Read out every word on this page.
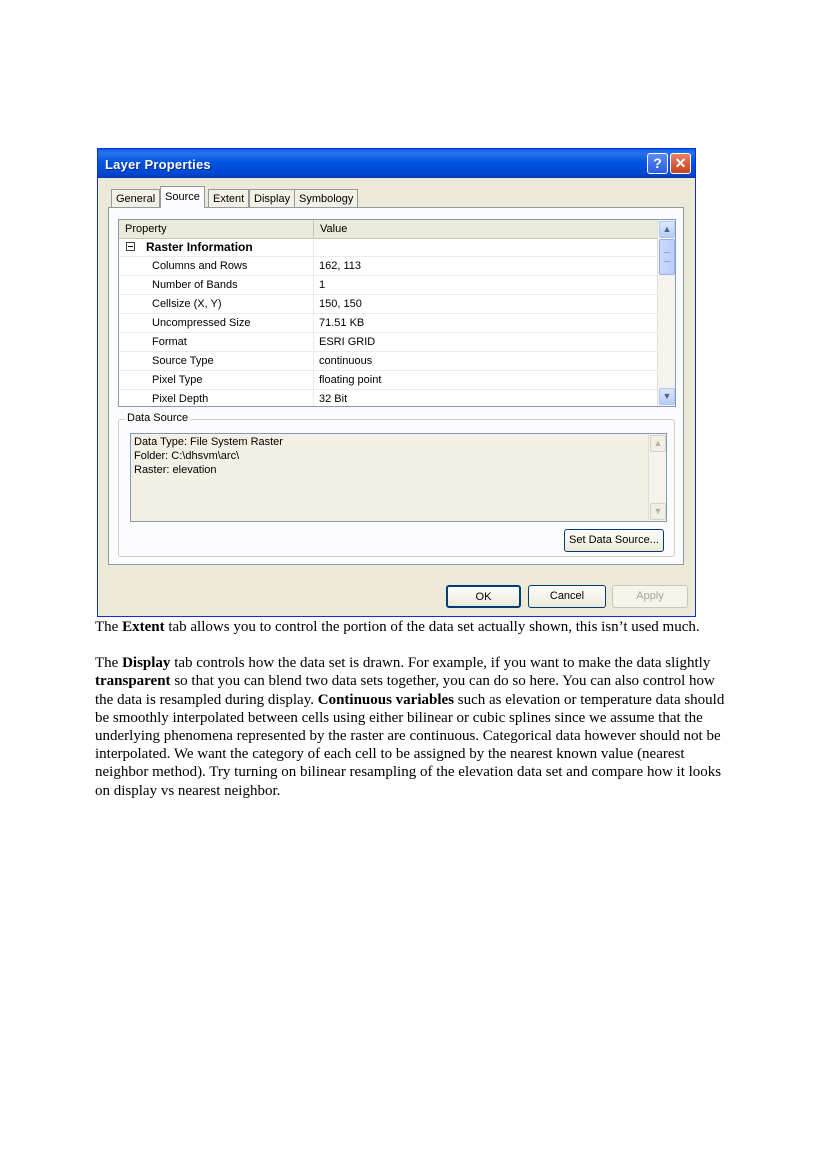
Layer Properties	? ✕
General Source	Extent Display Symbology
Property	Value
Raster Information
Columns and Rows	162, 113
Number of Bands	1
Cellsize (X, Y)	150, 150
Uncompressed Size	71.51 KB
Format	ESRI GRID
Source Type	continuous
Pixel Type	floating point
Pixel Depth	32 Bit
▲
▼
Data Source
Data Type: File System Raster
Folder: C:\dhsvm\arc\
Raster: elevation
▲
▼
Set Data Source...
OK	Cancel	Apply

The Extent tab allows you to control the portion of the data set actually shown, this isn’t used much.

The Display tab controls how the data set is drawn. For example, if you want to make the data slightly transparent so that you can blend two data sets together, you can do so here. You can also control how the data is resampled during display. Continuous variables such as elevation or temperature data should be smoothly interpolated between cells using either bilinear or cubic splines since we assume that the underlying phenomena represented by the raster are continuous. Categorical data however should not be interpolated. We want the category of each cell to be assigned by the nearest known value (nearest neighbor method). Try turning on bilinear resampling of the elevation data set and compare how it looks on display vs nearest neighbor.
